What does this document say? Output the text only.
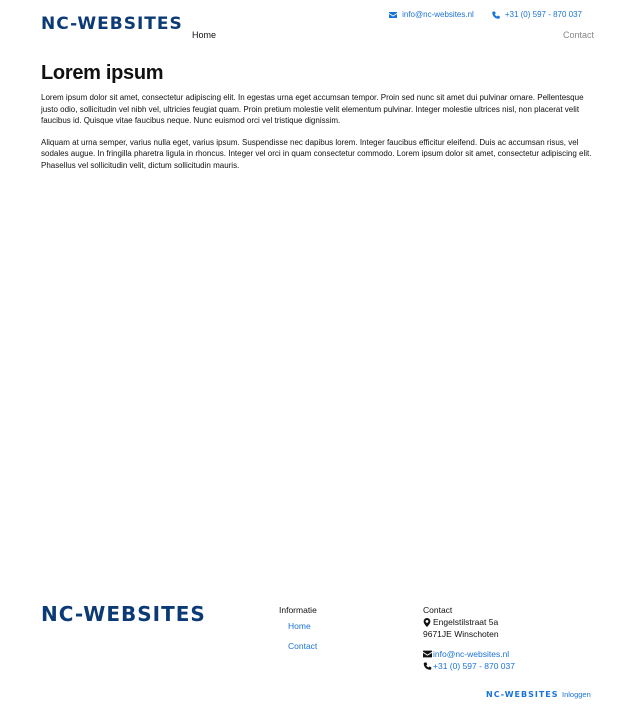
NC-WEBSITES	info@nc-websites.nl	+31 (0) 597 - 870 037
Home	Contact
Lorem ipsum

Lorem ipsum dolor sit amet, consectetur adipiscing elit. In egestas urna eget accumsan tempor. Proin sed nunc sit amet dui pulvinar ornare. Pellentesque justo odio, sollicitudin vel nibh vel, ultricies feugiat quam. Proin pretium molestie velit elementum pulvinar. Integer molestie ultrices nisl, non placerat velit faucibus id. Quisque vitae faucibus neque. Nunc euismod orci vel tristique dignissim.

Aliquam at urna semper, varius nulla eget, varius ipsum. Suspendisse nec dapibus lorem. Integer faucibus efficitur eleifend. Duis ac accumsan risus, vel sodales augue. In fringilla pharetra ligula in rhoncus. Integer vel orci in quam consectetur commodo. Lorem ipsum dolor sit amet, consectetur adipiscing elit. Phasellus vel sollicitudin velit, dictum sollicitudin mauris.

NC-WEBSITES	Informatie
Home
Contact
Contact
Engelstilstraat 5a
9671JE Winschoten
info@nc-websites.nl
+31 (0) 597 - 870 037
NC-WEBSITES Inloggen
